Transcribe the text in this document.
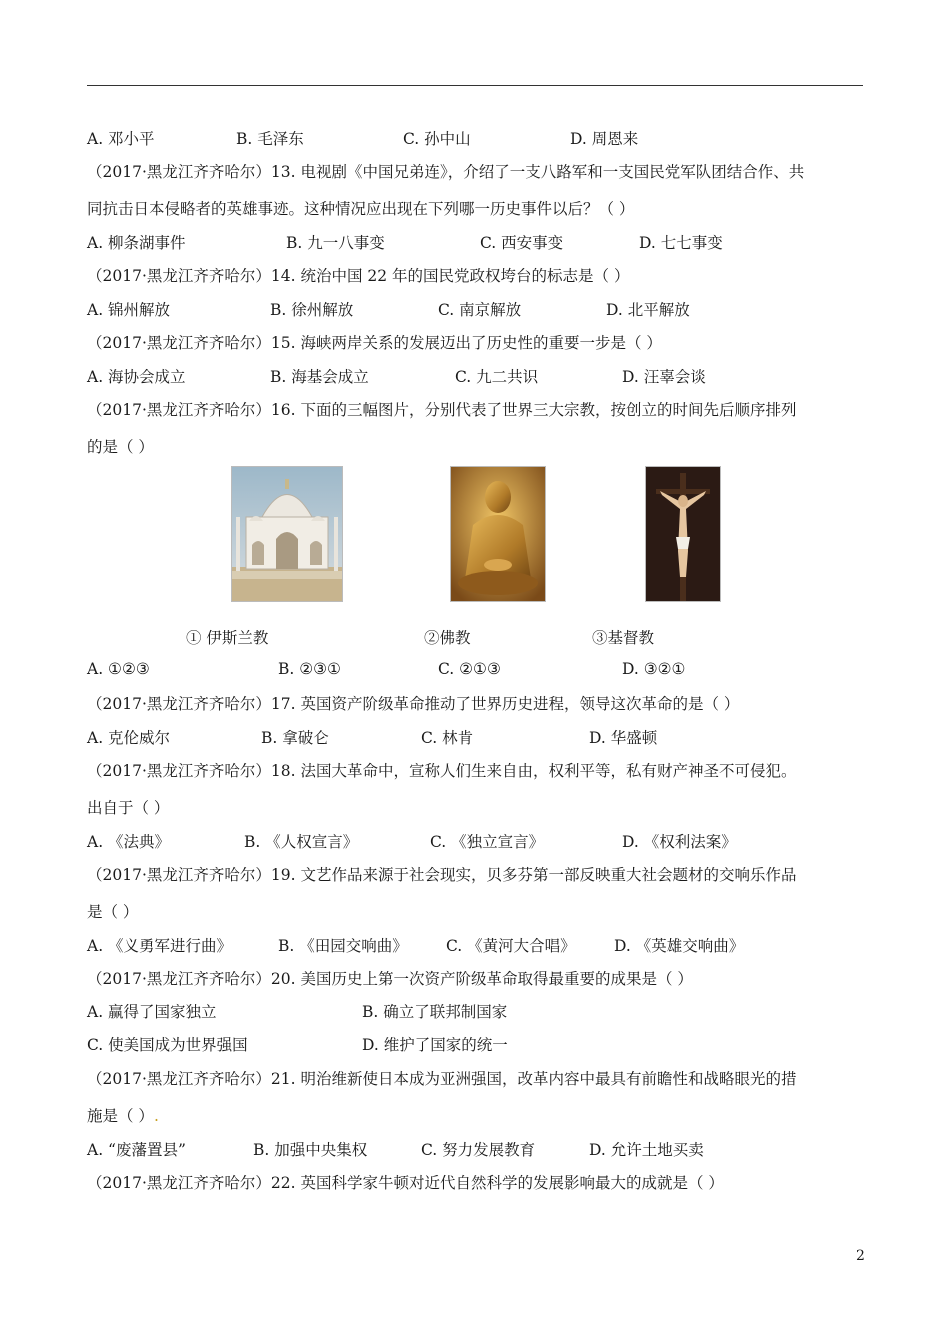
A. 邓小平	B. 毛泽东	C. 孙中山	D. 周恩来
（2017·黑龙江齐齐哈尔）13. 电视剧《中国兄弟连》，介绍了一支八路军和一支国民党军队团结合作、共
同抗击日本侵略者的英雄事迹。这种情况应出现在下列哪一历史事件以后？（ ）
A. 柳条湖事件	B. 九一八事变	C. 西安事变	D. 七七事变
（2017·黑龙江齐齐哈尔）14. 统治中国 22 年的国民党政权垮台的标志是（ ）
A. 锦州解放	B. 徐州解放	C. 南京解放	D. 北平解放
（2017·黑龙江齐齐哈尔）15. 海峡两岸关系的发展迈出了历史性的重要一步是（ ）
A. 海协会成立	B. 海基会成立	C. 九二共识	D. 汪辜会谈
（2017·黑龙江齐齐哈尔）16. 下面的三幅图片，分别代表了世界三大宗教，按创立的时间先后顺序排列
的是（ ）
① 伊斯兰教	②佛教	③基督教
A. ①②③	B. ②③①	C. ②①③	D. ③②①
（2017·黑龙江齐齐哈尔）17. 英国资产阶级革命推动了世界历史进程，领导这次革命的是（ ）
A. 克伦威尔	B. 拿破仑	C. 林肯	D. 华盛顿
（2017·黑龙江齐齐哈尔）18. 法国大革命中，宣称人们生来自由，权利平等，私有财产神圣不可侵犯。
出自于（ ）
A. 《法典》	B. 《人权宣言》	C. 《独立宣言》	D. 《权利法案》
（2017·黑龙江齐齐哈尔）19. 文艺作品来源于社会现实，贝多芬第一部反映重大社会题材的交响乐作品
是（ ）
A. 《义勇军进行曲》	B. 《田园交响曲》 C. 《黄河大合唱》 D. 《英雄交响曲》
（2017·黑龙江齐齐哈尔）20. 美国历史上第一次资产阶级革命取得最重要的成果是（ ）
A. 赢得了国家独立	B. 确立了联邦制国家
C. 使美国成为世界强国	D. 维护了国家的统一
（2017·黑龙江齐齐哈尔）21. 明治维新使日本成为亚洲强国，改革内容中最具有前瞻性和战略眼光的措
施是（ ）.
A. “废藩置县”	B. 加强中央集权	C. 努力发展教育	D. 允许土地买卖
（2017·黑龙江齐齐哈尔）22. 英国科学家牛顿对近代自然科学的发展影响最大的成就是（ ）
2
